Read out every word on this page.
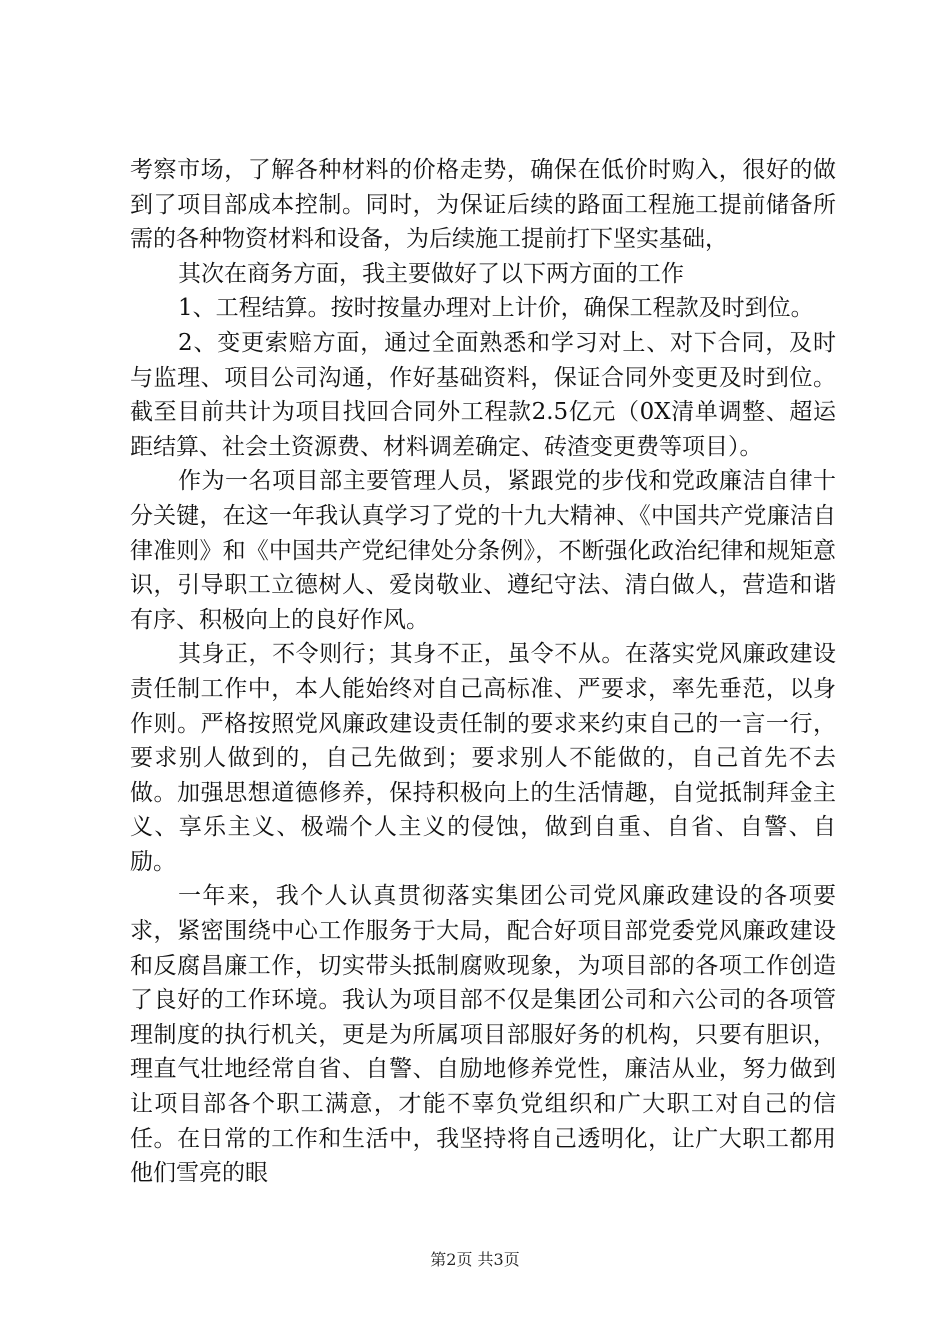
考察市场，了解各种材料的价格走势，确保在低价时购入，很好的做到了项目部成本控制。同时，为保证后续的路面工程施工提前储备所需的各种物资材料和设备，为后续施工提前打下坚实基础，

其次在商务方面，我主要做好了以下两方面的工作

1、工程结算。按时按量办理对上计价，确保工程款及时到位。

2、变更索赔方面，通过全面熟悉和学习对上、对下合同，及时与监理、项目公司沟通，作好基础资料，保证合同外变更及时到位。截至目前共计为项目找回合同外工程款2.5亿元（0X清单调整、超运距结算、社会土资源费、材料调差确定、砖渣变更费等项目）。

作为一名项目部主要管理人员，紧跟党的步伐和党政廉洁自律十分关键，在这一年我认真学习了党的十九大精神、《中国共产党廉洁自律准则》和《中国共产党纪律处分条例》，不断强化政治纪律和规矩意识，引导职工立德树人、爱岗敬业、遵纪守法、清白做人，营造和谐有序、积极向上的良好作风。

其身正，不令则行；其身不正，虽令不从。在落实党风廉政建设责任制工作中，本人能始终对自己高标准、严要求，率先垂范，以身作则。严格按照党风廉政建设责任制的要求来约束自己的一言一行，要求别人做到的，自己先做到；要求别人不能做的，自己首先不去做。加强思想道德修养，保持积极向上的生活情趣，自觉抵制拜金主义、享乐主义、极端个人主义的侵蚀，做到自重、自省、自警、自励。

一年来，我个人认真贯彻落实集团公司党风廉政建设的各项要求，紧密围绕中心工作服务于大局，配合好项目部党委党风廉政建设和反腐昌廉工作，切实带头抵制腐败现象，为项目部的各项工作创造了良好的工作环境。我认为项目部不仅是集团公司和六公司的各项管理制度的执行机关，更是为所属项目部服好务的机构，只要有胆识，理直气壮地经常自省、自警、自励地修养党性，廉洁从业，努力做到让项目部各个职工满意，才能不辜负党组织和广大职工对自己的信任。在日常的工作和生活中，我坚持将自己透明化，让广大职工都用他们雪亮的眼

第2页 共3页
